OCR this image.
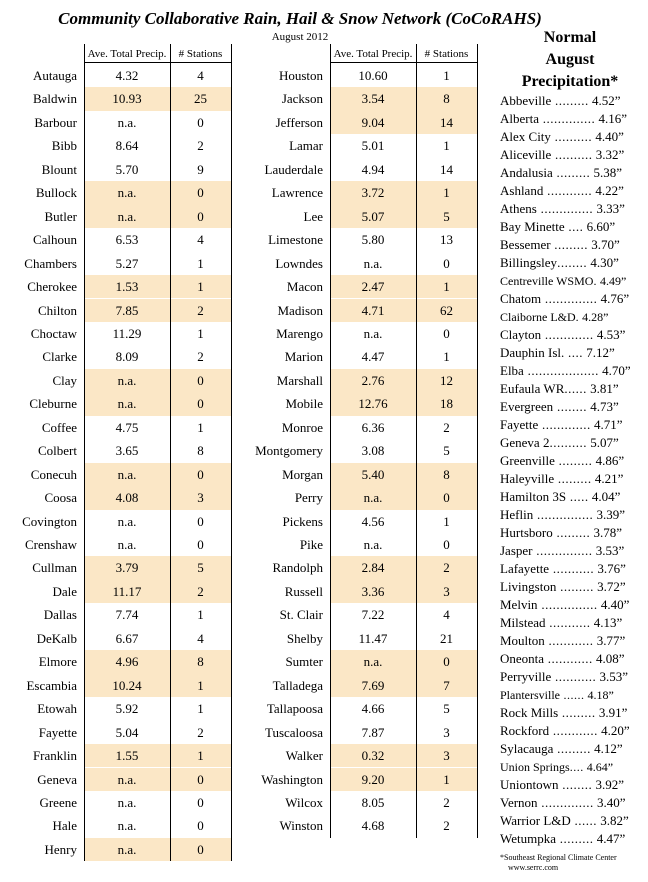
Community Collaborative Rain, Hail & Snow Network (CoCoRAHS)
August 2012
Ave. Total Precip.	# Stations
Autauga	4.32	4
Baldwin	10.93	25
Barbour	n.a.	0
Bibb	8.64	2
Blount	5.70	9
Bullock	n.a.	0
Butler	n.a.	0
Calhoun	6.53	4
Chambers	5.27	1
Cherokee	1.53	1
Chilton	7.85	2
Choctaw	11.29	1
Clarke	8.09	2
Clay	n.a.	0
Cleburne	n.a.	0
Coffee	4.75	1
Colbert	3.65	8
Conecuh	n.a.	0
Coosa	4.08	3
Covington	n.a.	0
Crenshaw	n.a.	0
Cullman	3.79	5
Dale	11.17	2
Dallas	7.74	1
DeKalb	6.67	4
Elmore	4.96	8
Escambia	10.24	1
Etowah	5.92	1
Fayette	5.04	2
Franklin	1.55	1
Geneva	n.a.	0
Greene	n.a.	0
Hale	n.a.	0
Henry	n.a.	0
Ave. Total Precip.	# Stations
Houston	10.60	1
Jackson	3.54	8
Jefferson	9.04	14
Lamar	5.01	1
Lauderdale	4.94	14
Lawrence	3.72	1
Lee	5.07	5
Limestone	5.80	13
Lowndes	n.a.	0
Macon	2.47	1
Madison	4.71	62
Marengo	n.a.	0
Marion	4.47	1
Marshall	2.76	12
Mobile	12.76	18
Monroe	6.36	2
Montgomery	3.08	5
Morgan	5.40	8
Perry	n.a.	0
Pickens	4.56	1
Pike	n.a.	0
Randolph	2.84	2
Russell	3.36	3
St. Clair	7.22	4
Shelby	11.47	21
Sumter	n.a.	0
Talladega	7.69	7
Tallapoosa	4.66	5
Tuscaloosa	7.87	3
Walker	0.32	3
Washington	9.20	1
Wilcox	8.05	2
Winston	4.68	2
Normal
August
Precipitation*
Abbeville ......... 4.52”
Alberta .............. 4.16”
Alex City .......... 4.40”
Aliceville .......... 3.32”
Andalusia ......... 5.38”
Ashland ............ 4.22”
Athens .............. 3.33”
Bay Minette .... 6.60”
Bessemer ......... 3.70”
Billingsley........ 4.30”
Centreville WSMO. 4.49”
Chatom .............. 4.76”
Claiborne L&D. 4.28”
Clayton ............. 4.53”
Dauphin Isl. .... 7.12”
Elba ................... 4.70”
Eufaula WR...... 3.81”
Evergreen ........ 4.73”
Fayette ............. 4.71”
Geneva 2.......... 5.07”
Greenville ......... 4.86”
Haleyville ......... 4.21”
Hamilton 3S ..... 4.04”
Heflin ............... 3.39”
Hurtsboro ......... 3.78”
Jasper ............... 3.53”
Lafayette ........... 3.76”
Livingston ......... 3.72”
Melvin ............... 4.40”
Milstead ........... 4.13”
Moulton ............ 3.77”
Oneonta ............ 4.08”
Perryville ........... 3.53”
Plantersville ...... 4.18”
Rock Mills ......... 3.91”
Rockford ............ 4.20”
Sylacauga ......... 4.12”
Union Springs.... 4.64”
Uniontown ........ 3.92”
Vernon .............. 3.40”
Warrior L&D ...... 3.82”
Wetumpka ......... 4.47”
*Southeast Regional Climate Center
www.serrc.com
